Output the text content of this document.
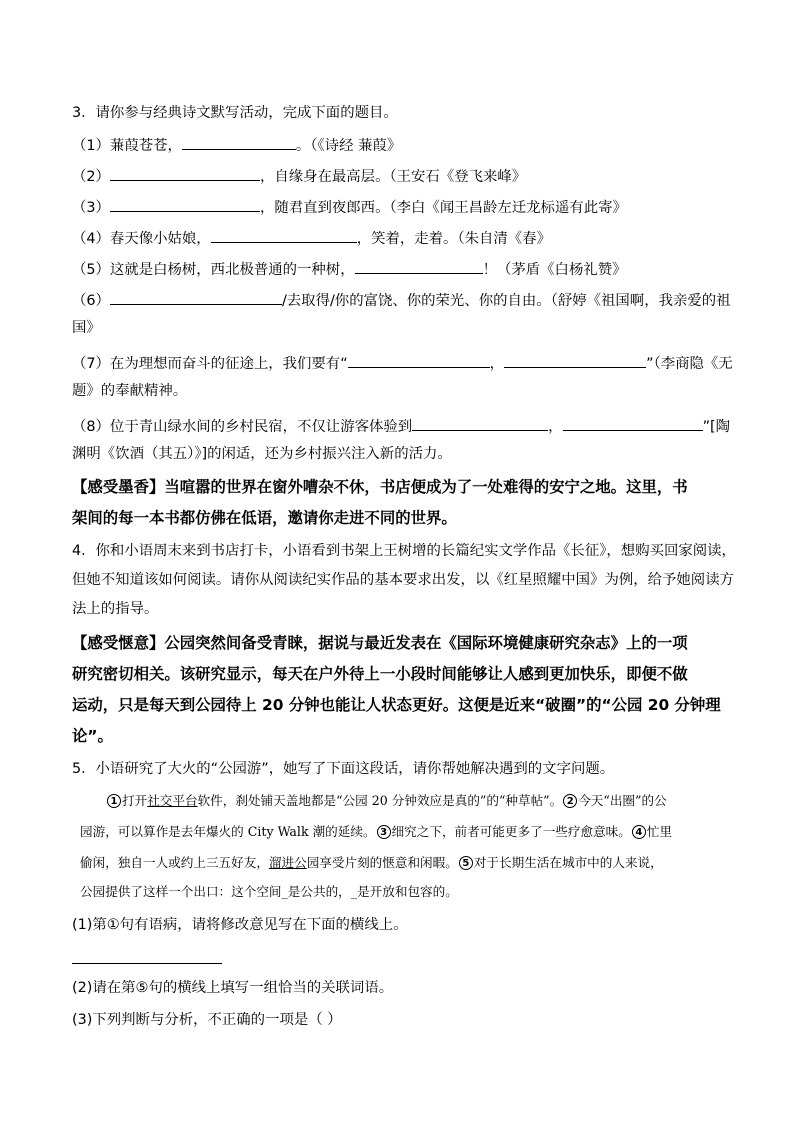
3．请你参与经典诗文默写活动，完成下面的题目。
（1）蒹葭苍苍，	。（《诗经 蒹葭》
（2）	，自缘身在最高层。（王安石《登飞来峰》
（3）	，随君直到夜郎西。（李白《闻王昌龄左迁龙标遥有此寄》
（4）春天像小姑娘，	，笑着，走着。（朱自清《春》
（5）这就是白杨树，西北极普通的一种树，	！（茅盾《白杨礼赞》
（6）	/去取得/你的富饶、你的荣光、你的自由。（舒婷《祖国啊，我亲爱的祖
国》
（7）在为理想而奋斗的征途上，我们要有“	，	”（李商隐《无
题》的奉献精神。
（8）位于青山绿水间的乡村民宿，不仅让游客体验到	，	”[陶
渊明《饮酒（其五）》]的闲适，还为乡村振兴注入新的活力。
【感受墨香】当喧嚣的世界在窗外嘈杂不休，书店便成为了一处难得的安宁之地。这里，书
架间的每一本书都仿佛在低语，邀请你走进不同的世界。
4．你和小语周末来到书店打卡，小语看到书架上王树增的长篇纪实文学作品《长征》，想购买回家阅读，
但她不知道该如何阅读。请你从阅读纪实作品的基本要求出发，以《红星照耀中国》为例，给予她阅读方
法上的指导。
【感受惬意】公园突然间备受青睐，据说与最近发表在《国际环境健康研究杂志》上的一项
研究密切相关。该研究显示，每天在户外待上一小段时间能够让人感到更加快乐，即便不做
运动，只是每天到公园待上 20 分钟也能让人状态更好。这便是近来“破圈”的“公园 20 分钟理
论”。
5．小语研究了大火的“公园游”，她写了下面这段话，请你帮她解决遇到的文字问题。
1 打开社交平台软件，刹处铺天盖地都是“公园 20 分钟效应是真的”的“种草帖”。 2 今天“出圈”的公
园游，可以算作是去年爆火的 City Walk 潮的延续。 3 细究之下，前者可能更多了一些疗愈意味。 4 忙里
偷闲，独自一人或约上三五好友，溜进公园享受片刻的惬意和闲暇。 5 对于长期生活在城市中的人来说，
公园提供了这样一个出口：这个空间_是公共的，_是开放和包容的。
(1)第①句有语病，请将修改意见写在下面的横线上。
(2)请在第⑤句的横线上填写一组恰当的关联词语。
(3)下列判断与分析，不正确的一项是（ ）
